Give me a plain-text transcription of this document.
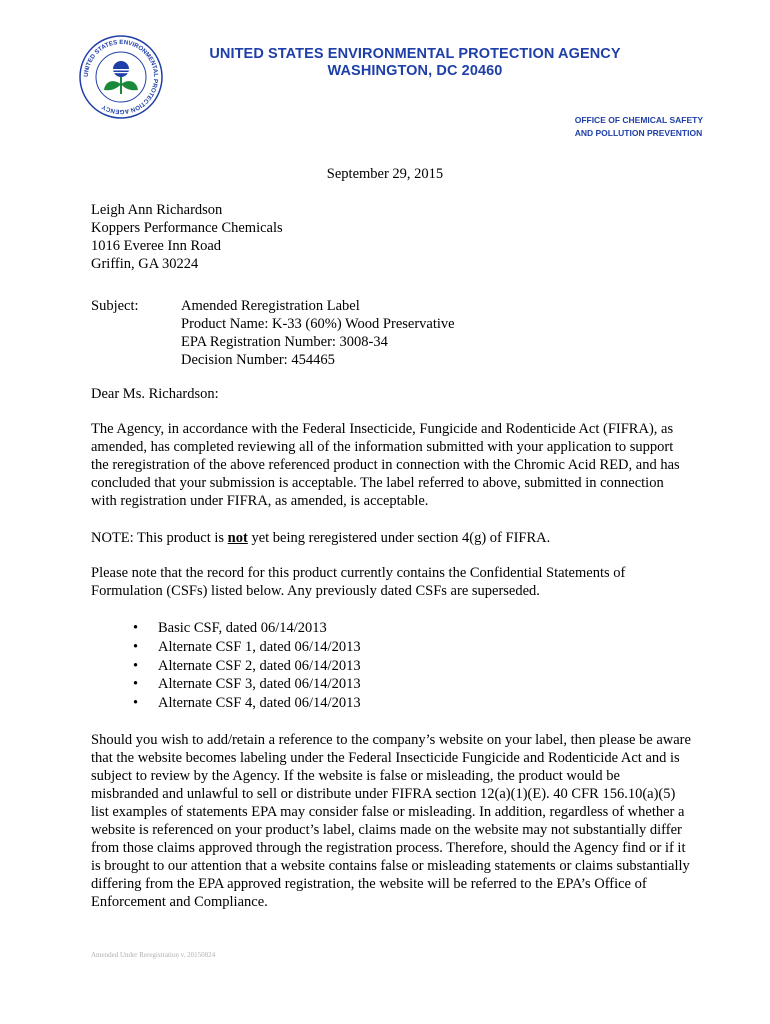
UNITED STATES ENVIRONMENTAL PROTECTION AGENCY
UNITED STATES ENVIRONMENTAL PROTECTION AGENCY
WASHINGTON, DC 20460
OFFICE OF CHEMICAL SAFETY
AND POLLUTION PREVENTION
September 29, 2015
Leigh Ann Richardson
Koppers Performance Chemicals
1016 Everee Inn Road
Griffin, GA 30224
Subject:	Amended Reregistration Label
Product Name: K-33 (60%) Wood Preservative
EPA Registration Number: 3008-34
Decision Number: 454465
Dear Ms. Richardson:
The Agency, in accordance with the Federal Insecticide, Fungicide and Rodenticide Act (FIFRA), as amended, has completed reviewing all of the information submitted with your application to support the reregistration of the above referenced product in connection with the Chromic Acid RED, and has concluded that your submission is acceptable. The label referred to above, submitted in connection with registration under FIFRA, as amended, is acceptable.
NOTE: This product is not yet being reregistered under section 4(g) of FIFRA.
Please note that the record for this product currently contains the Confidential Statements of Formulation (CSFs) listed below. Any previously dated CSFs are superseded.
• Basic CSF, dated 06/14/2013
• Alternate CSF 1, dated 06/14/2013
• Alternate CSF 2, dated 06/14/2013
• Alternate CSF 3, dated 06/14/2013
• Alternate CSF 4, dated 06/14/2013
Should you wish to add/retain a reference to the company’s website on your label, then please be aware that the website becomes labeling under the Federal Insecticide Fungicide and Rodenticide Act and is subject to review by the Agency. If the website is false or misleading, the product would be misbranded and unlawful to sell or distribute under FIFRA section 12(a)(1)(E). 40 CFR 156.10(a)(5) list examples of statements EPA may consider false or misleading. In addition, regardless of whether a website is referenced on your product’s label, claims made on the website may not substantially differ from those claims approved through the registration process. Therefore, should the Agency find or if it is brought to our attention that a website contains false or misleading statements or claims substantially differing from the EPA approved registration, the website will be referred to the EPA’s Office of Enforcement and Compliance.
Amended Under Reregistration v. 20150824
